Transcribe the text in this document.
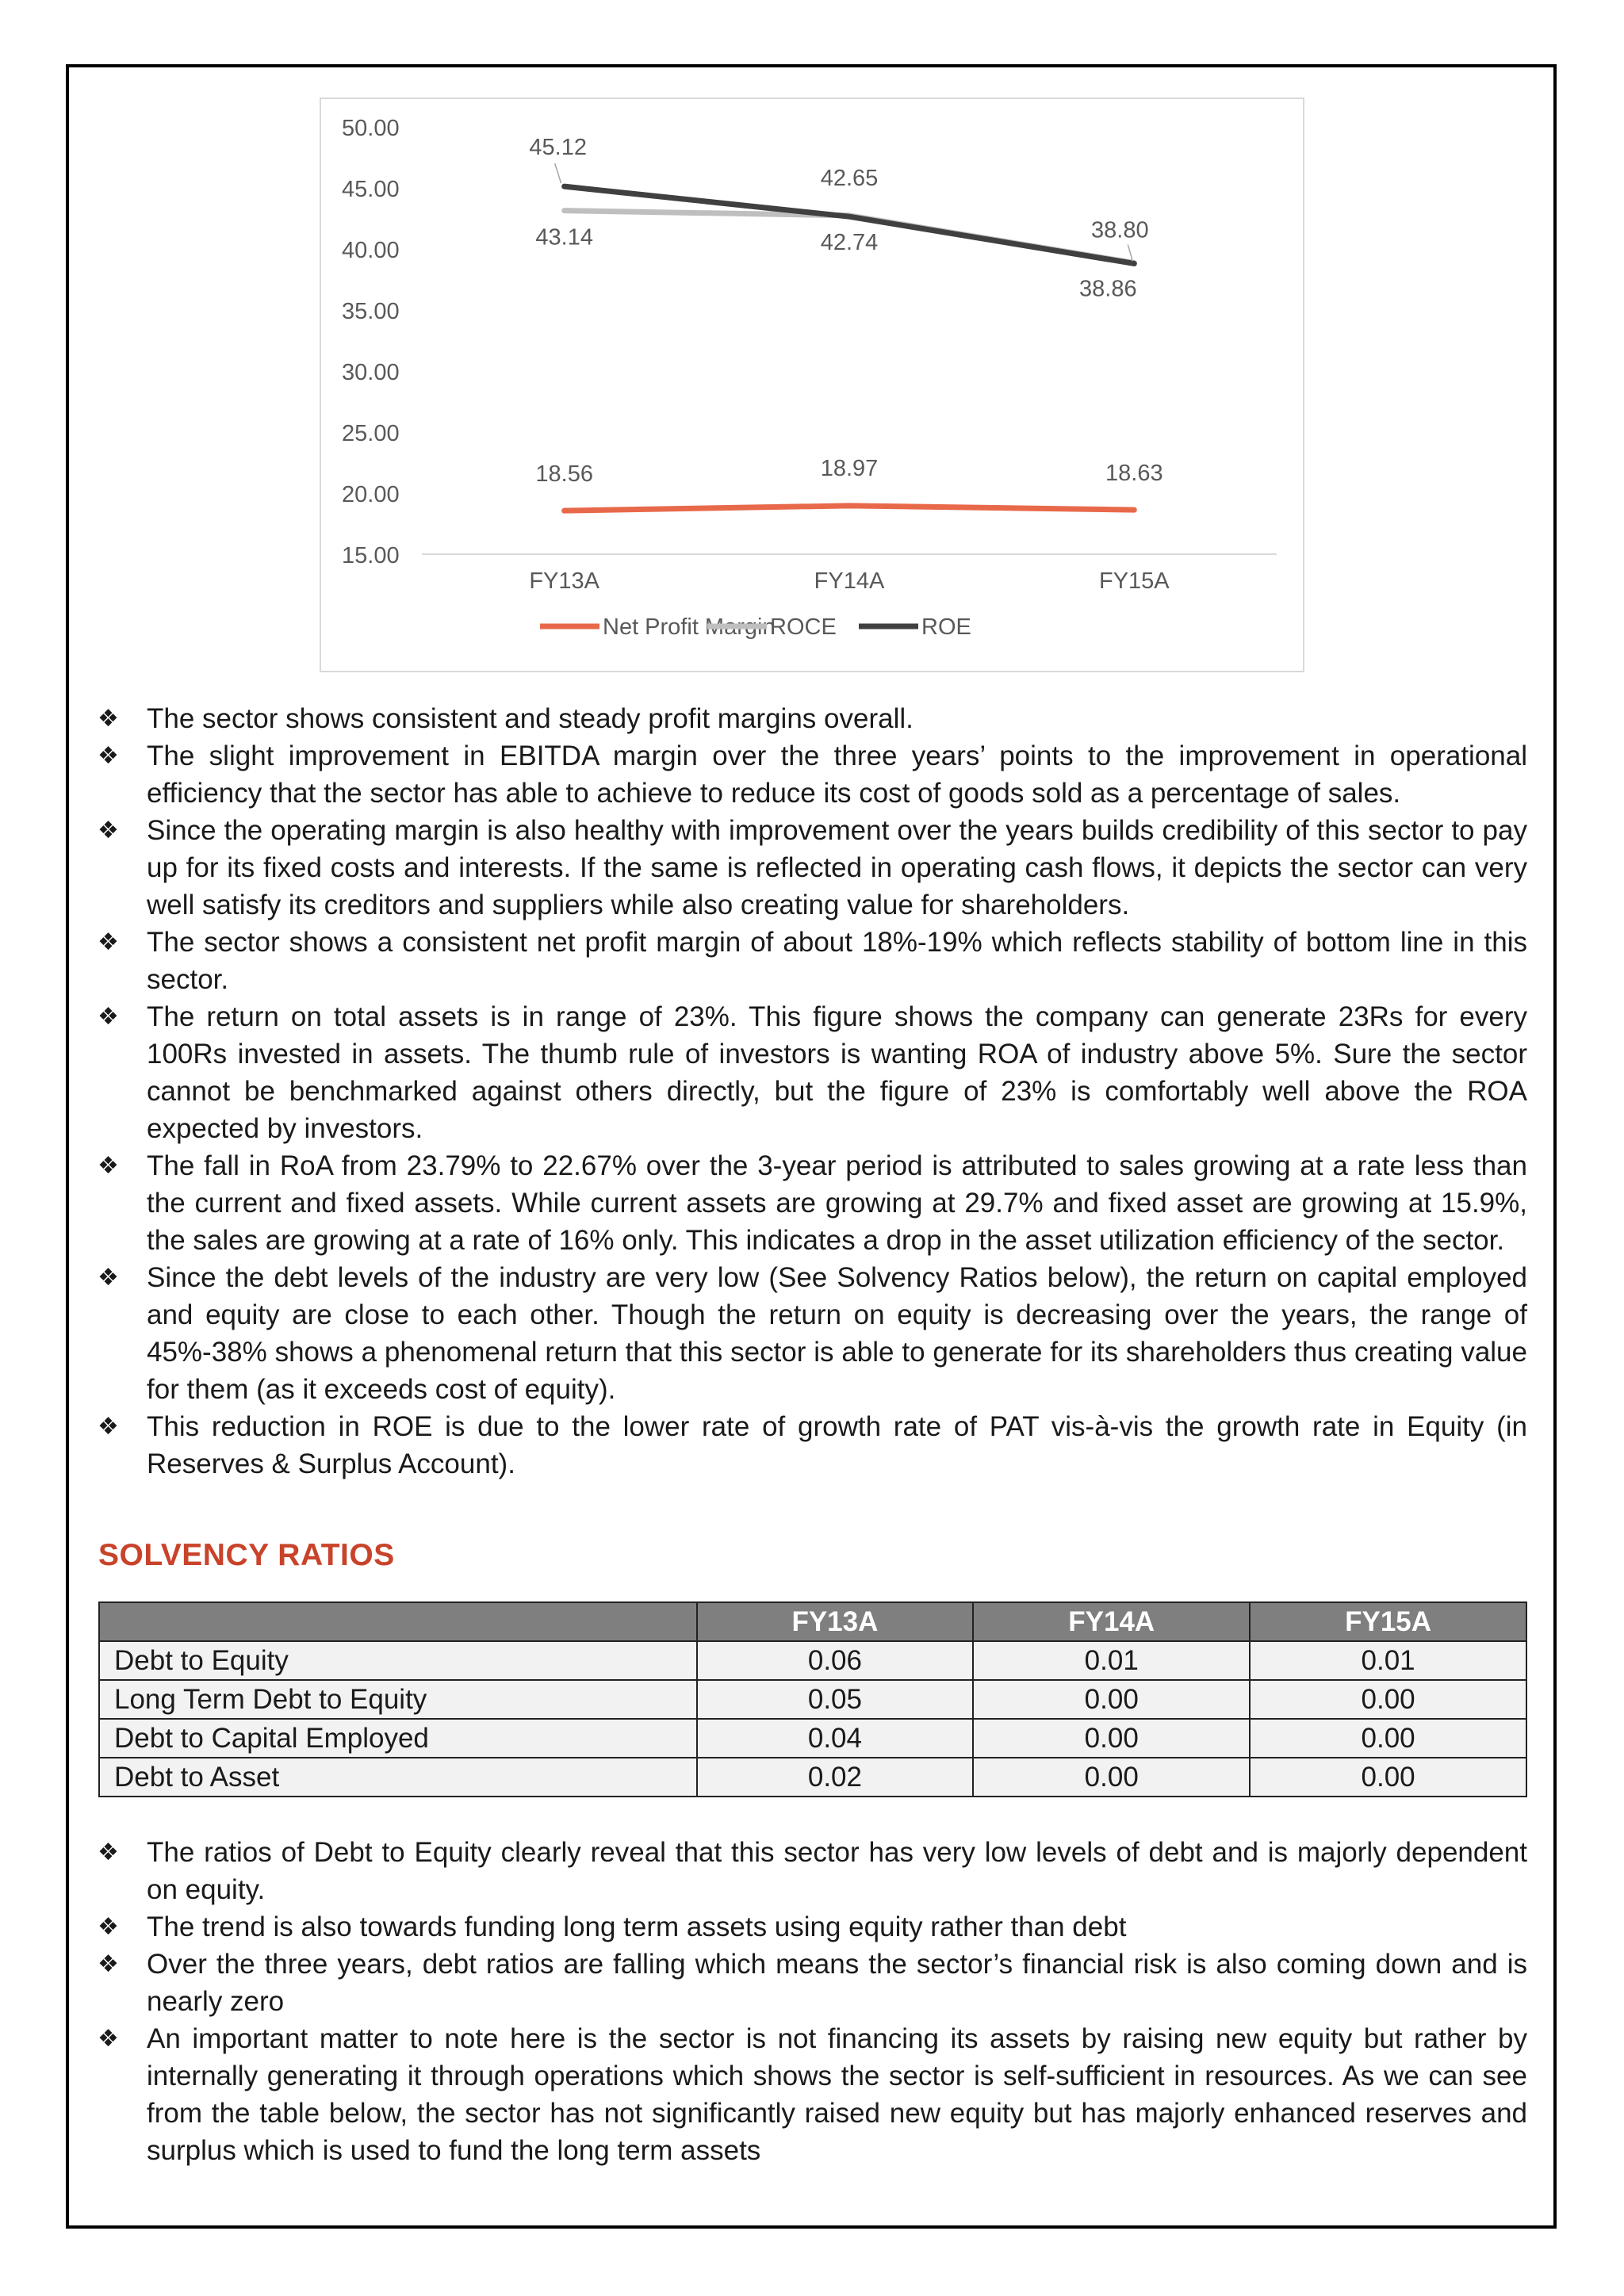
15.00
20.00
25.00
30.00
35.00
40.00
45.00
50.00
FY13A	FY14A	FY15A
18.56	18.97	18.63
43.14	42.74
38.86
45.12
42.65
38.80
Net Profit Margin
ROCE	ROE
❖ The sector shows consistent and steady profit margins overall.
❖ The slight improvement in EBITDA margin over the three years’ points to the improvement in operational efficiency that the sector has able to achieve to reduce its cost of goods sold as a percentage of sales.
❖ Since the operating margin is also healthy with improvement over the years builds credibility of this sector to pay up for its fixed costs and interests. If the same is reflected in operating cash flows, it depicts the sector can very well satisfy its creditors and suppliers while also creating value for shareholders.
❖ The sector shows a consistent net profit margin of about 18%-19% which reflects stability of bottom line in this sector.
❖ The return on total assets is in range of 23%. This figure shows the company can generate 23Rs for every 100Rs invested in assets. The thumb rule of investors is wanting ROA of industry above 5%. Sure the sector cannot be benchmarked against others directly, but the figure of 23% is comfortably well above the ROA expected by investors.
❖ The fall in RoA from 23.79% to 22.67% over the 3-year period is attributed to sales growing at a rate less than the current and fixed assets. While current assets are growing at 29.7% and fixed asset are growing at 15.9%, the sales are growing at a rate of 16% only. This indicates a drop in the asset utilization efficiency of the sector.
❖ Since the debt levels of the industry are very low (See Solvency Ratios below), the return on capital employed and equity are close to each other. Though the return on equity is decreasing over the years, the range of 45%-38% shows a phenomenal return that this sector is able to generate for its shareholders thus creating value for them (as it exceeds cost of equity).
❖ This reduction in ROE is due to the lower rate of growth rate of PAT vis-à-vis the growth rate in Equity (in Reserves & Surplus Account).
SOLVENCY RATIOS
	FY13A	FY14A	FY15A
Debt to Equity	0.06	0.01	0.01
Long Term Debt to Equity	0.05	0.00	0.00
Debt to Capital Employed	0.04	0.00	0.00
Debt to Asset	0.02	0.00	0.00
❖ The ratios of Debt to Equity clearly reveal that this sector has very low levels of debt and is majorly dependent on equity.
❖ The trend is also towards funding long term assets using equity rather than debt
❖ Over the three years, debt ratios are falling which means the sector’s financial risk is also coming down and is nearly zero
❖ An important matter to note here is the sector is not financing its assets by raising new equity but rather by internally generating it through operations which shows the sector is self-sufficient in resources. As we can see from the table below, the sector has not significantly raised new equity but has majorly enhanced reserves and surplus which is used to fund the long term assets
